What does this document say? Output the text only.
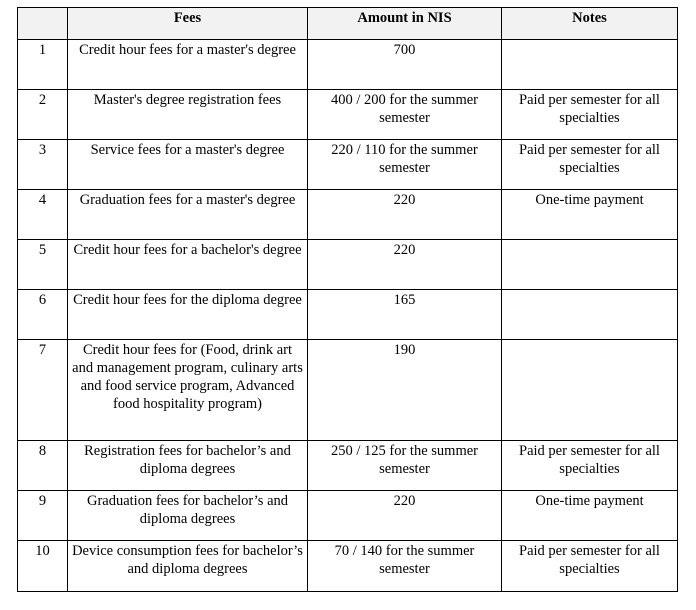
	Fees	Amount in NIS	Notes
1	Credit hour fees for a master's degree	700	
2	Master's degree registration fees	400 / 200 for the summer semester	Paid per semester for all specialties
3	Service fees for a master's degree	220 / 110 for the summer semester	Paid per semester for all specialties
4	Graduation fees for a master's degree	220	One-time payment
5	Credit hour fees for a bachelor's degree	220	
6	Credit hour fees for the diploma degree	165	
7	Credit hour fees for (Food, drink art and management program, culinary arts and food service program, Advanced food hospitality program)	190	
8	Registration fees for bachelor’s and diploma degrees	250 / 125 for the summer semester	Paid per semester for all specialties
9	Graduation fees for bachelor’s and diploma degrees	220	One-time payment
10	Device consumption fees for bachelor’s and diploma degrees	70 / 140 for the summer semester	Paid per semester for all specialties
